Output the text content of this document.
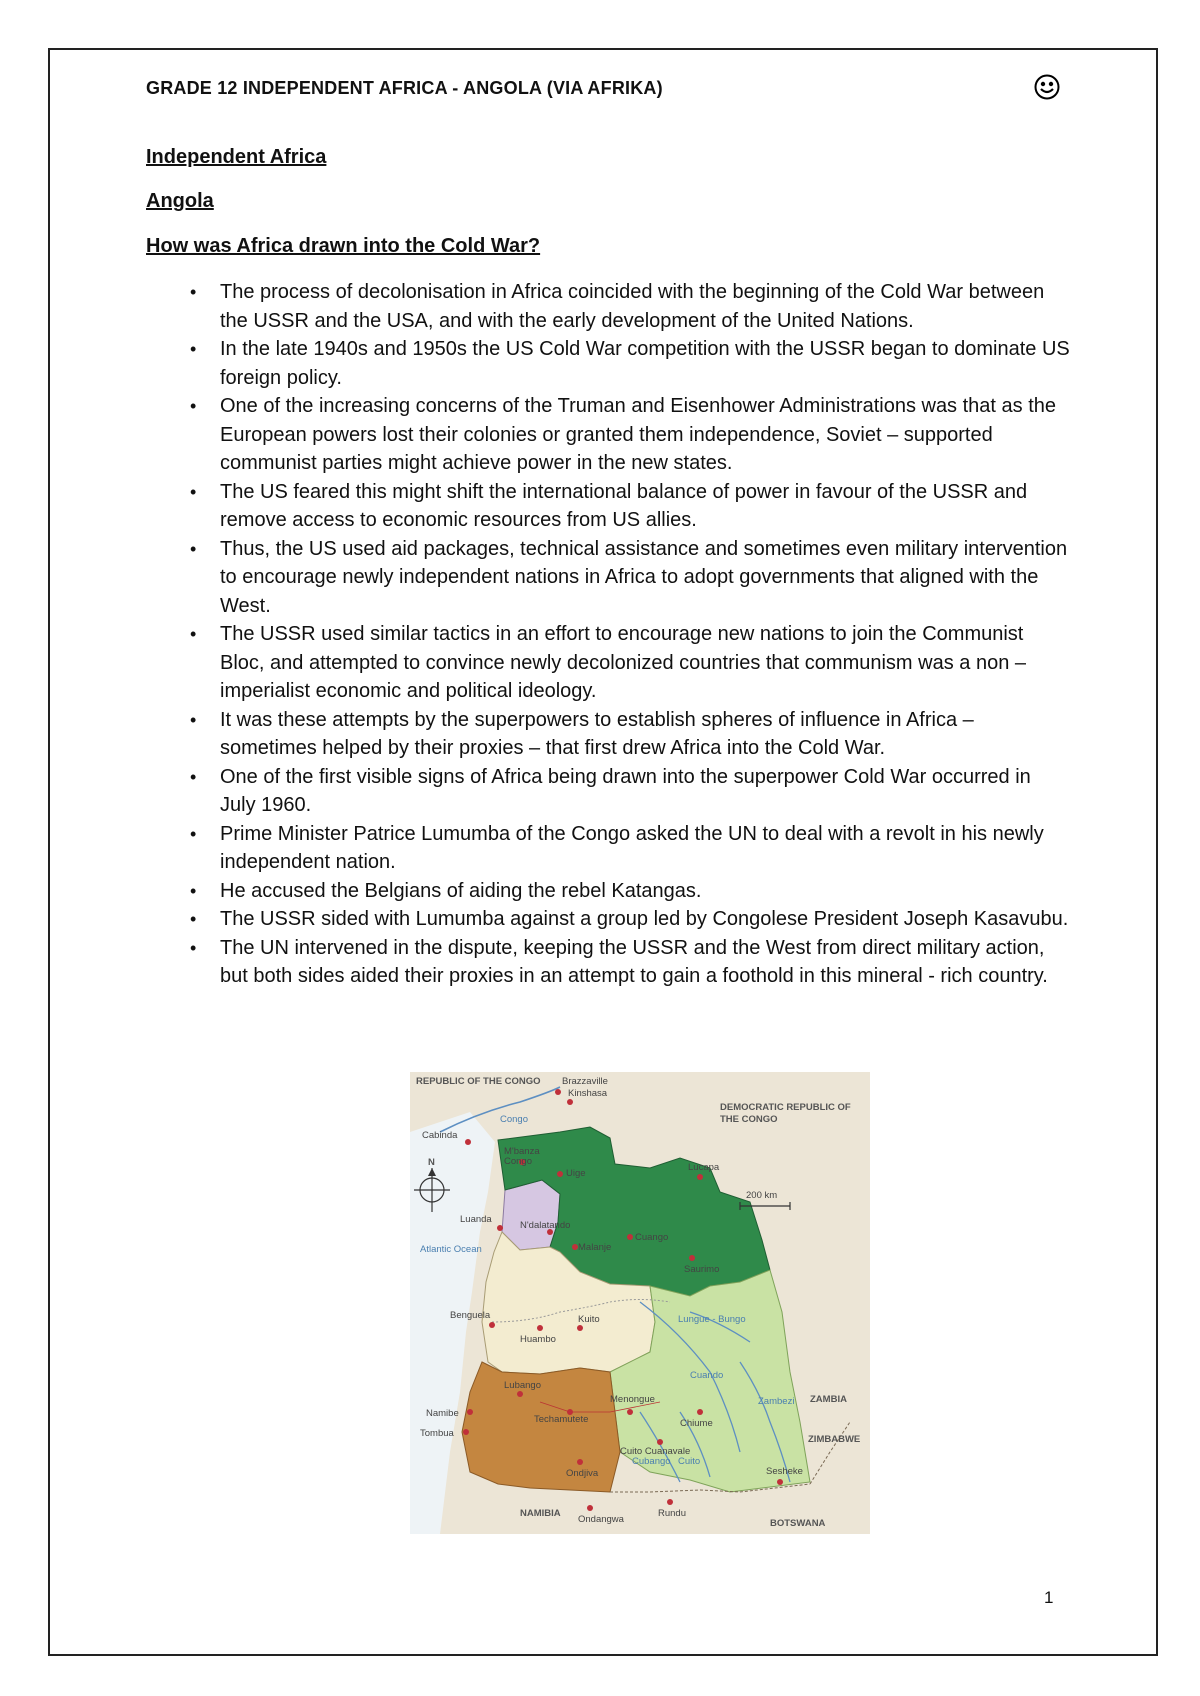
GRADE 12 INDEPENDENT AFRICA - ANGOLA (VIA AFRIKA)
Independent Africa
Angola
How was Africa drawn into the Cold War?
• The process of decolonisation in Africa coincided with the beginning of the Cold War between the USSR and the USA, and with the early development of the United Nations.
• In the late 1940s and 1950s the US Cold War competition with the USSR began to dominate US foreign policy.
• One of the increasing concerns of the Truman and Eisenhower Administrations was that as the European powers lost their colonies or granted them independence, Soviet – supported communist parties might achieve power in the new states.
• The US feared this might shift the international balance of power in favour of the USSR and remove access to economic resources from US allies.
• Thus, the US used aid packages, technical assistance and sometimes even military intervention to encourage newly independent nations in Africa to adopt governments that aligned with the West.
• The USSR used similar tactics in an effort to encourage new nations to join the Communist Bloc, and attempted to convince newly decolonized countries that communism was a non – imperialist economic and political ideology.
• It was these attempts by the superpowers to establish spheres of influence in Africa – sometimes helped by their proxies – that first drew Africa into the Cold War.
• One of the first visible signs of Africa being drawn into the superpower Cold War occurred in July 1960.
• Prime Minister Patrice Lumumba of the Congo asked the UN to deal with a revolt in his newly independent nation.
• He accused the Belgians of aiding the rebel Katangas.
• The USSR sided with Lumumba against a group led by Congolese President Joseph Kasavubu.
• The UN intervened in the dispute, keeping the USSR and the West from direct military action, but both sides aided their proxies in an attempt to gain a foothold in this mineral - rich country.
N
200 km
REPUBLIC OF THE CONGO
DEMOCRATIC REPUBLIC OF
THE CONGO
ZAMBIA
ZIMBABWE
NAMIBIA
BOTSWANA
Atlantic Ocean
Congo
Lungue - Bungo
Cuando
Zambezi
Cubango Cuito
Brazzaville
Kinshasa
Cabinda
M'banza
Congo
Uige
Luanda
N'dalatando
Malanje
Cuango
Lucapa
Saurimo
Benguela
Huambo
Kuito
Lubango
Namibe
Tombua
Techamutete
Menongue
Chiume
Cuito Cuanavale
Ondjiva
Ondangwa
Rundu
Sesheke
1
